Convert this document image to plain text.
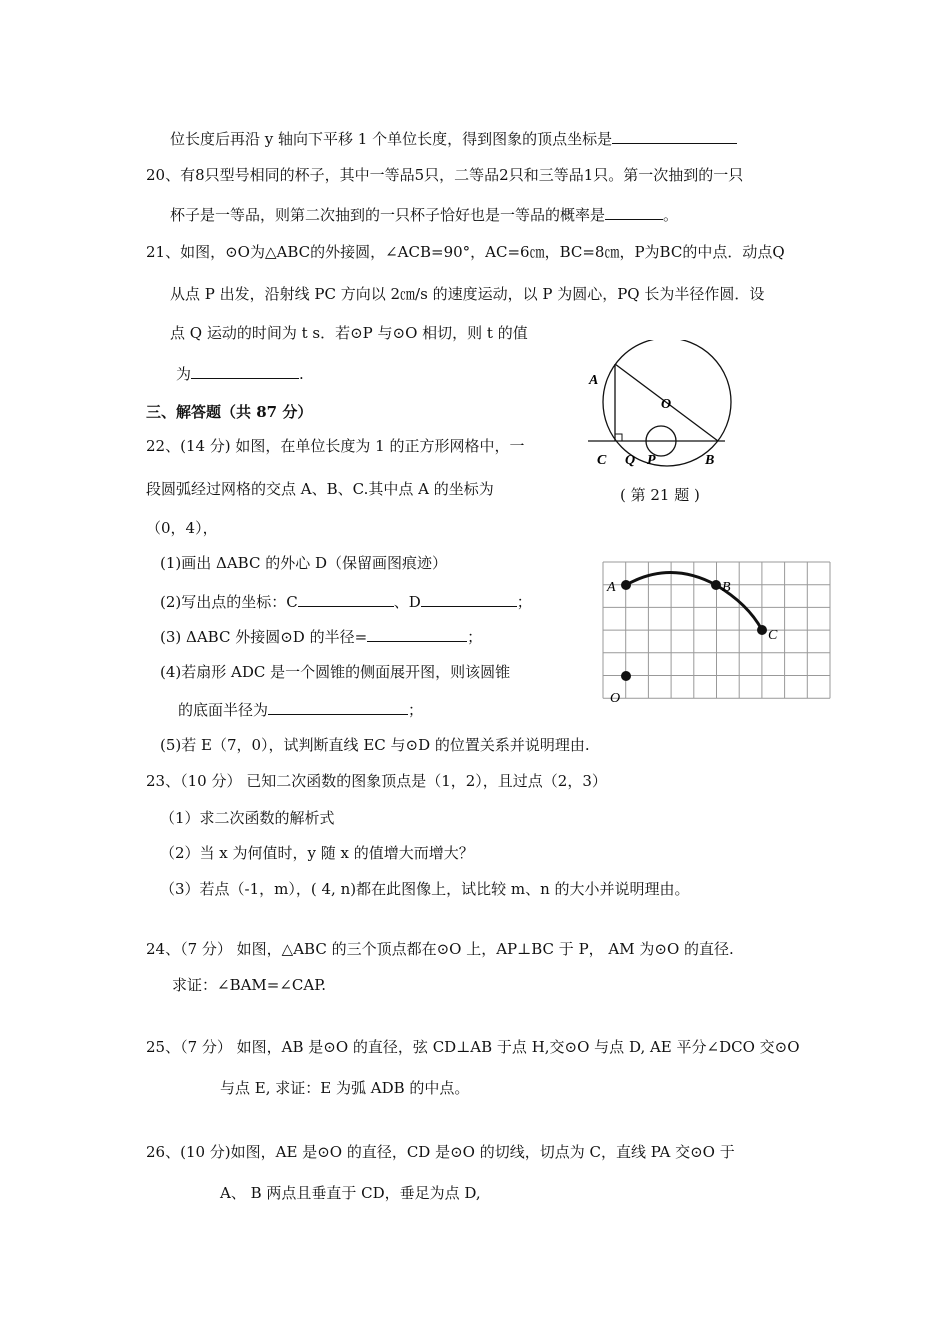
位长度后再沿 y 轴向下平移 1 个单位长度，得到图象的顶点坐标是
20、有8只型号相同的杯子，其中一等品5只，二等品2只和三等品1只。第一次抽到的一只
杯子是一等品，则第二次抽到的一只杯子恰好也是一等品的概率是	。
21、如图，⊙O为△ABC的外接圆，∠ACB=90°，AC=6㎝，BC=8㎝，P为BC的中点．动点Q
从点 P 出发，沿射线 PC 方向以 2㎝/s 的速度运动，以 P 为圆心，PQ 长为半径作圆．设
点 Q 运动的时间为 t s．若⊙P 与⊙O 相切，则 t 的值
为	.	A
O
C Q P	B
( 第 21 题 )
三、解答题（共 87 分）
22、(14 分) 如图，在单位长度为 1 的正方形网格中，一
段圆弧经过网格的交点 A、B、C.其中点 A 的坐标为
（0，4），
(1)画出 ΔABC 的外心 D（保留画图痕迹）
(2)写出点的坐标：C	、D	；
(3) ΔABC 外接圆⊙D 的半径=	；
(4)若扇形 ADC 是一个圆锥的侧面展开图，则该圆锥
的底面半径为	；
(5)若 E（7，0），试判断直线 EC 与⊙D 的位置关系并说明理由.
A	B
C
O
23、（10 分） 已知二次函数的图象顶点是（1，2），且过点（2，3）
（1）求二次函数的解析式
（2）当 x 为何值时，y 随 x 的值增大而增大？
（3）若点（-1，m），( 4, n)都在此图像上，试比较 m、n 的大小并说明理由。
24、（7 分） 如图，△ABC 的三个顶点都在⊙O 上，AP⊥BC 于 P， AM 为⊙O 的直径.
求证：∠BAM=∠CAP.
25、（7 分） 如图，AB 是⊙O 的直径，弦 CD⊥AB 于点 H,交⊙O 与点 D, AE 平分∠DCO 交⊙O
与点 E, 求证：E 为弧 ADB 的中点。
26、(10 分)如图，AE 是⊙O 的直径，CD 是⊙O 的切线，切点为 C，直线 PA 交⊙O 于
A、 B 两点且垂直于 CD，垂足为点 D,
